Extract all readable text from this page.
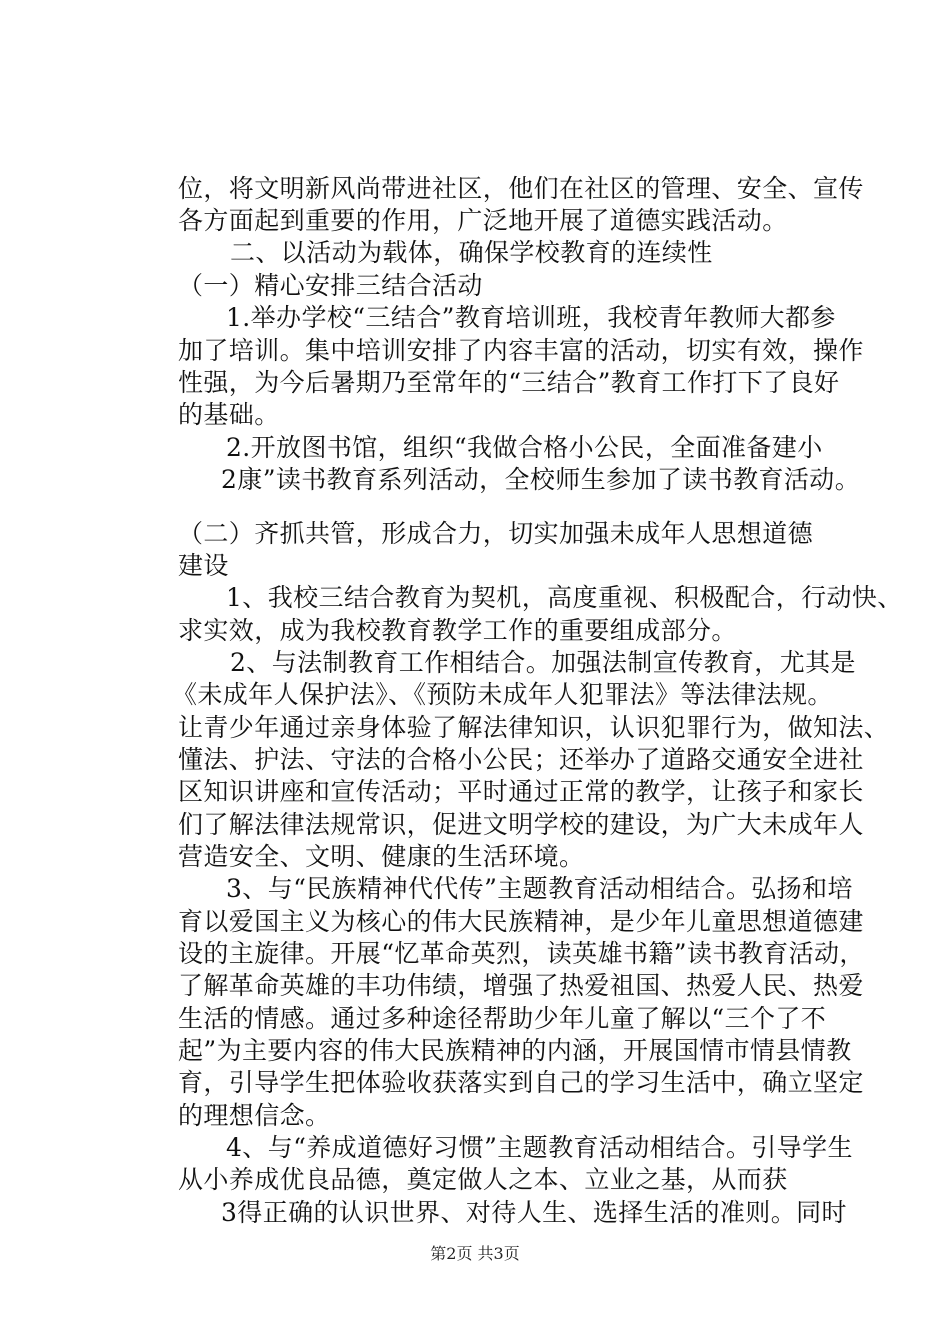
位，将文明新风尚带进社区，他们在社区的管理、安全、宣传
各方面起到重要的作用，广泛地开展了道德实践活动。
二、以活动为载体，确保学校教育的连续性
（一）精心安排三结合活动
1.举办学校“三结合”教育培训班，我校青年教师大都参
加了培训。集中培训安排了内容丰富的活动，切实有效，操作
性强，为今后暑期乃至常年的“三结合”教育工作打下了良好
的基础。
2.开放图书馆，组织“我做合格小公民，全面准备建小
2康”读书教育系列活动，全校师生参加了读书教育活动。
（二）齐抓共管，形成合力，切实加强未成年人思想道德
建设
1、我校三结合教育为契机，高度重视、积极配合，行动快、
求实效，成为我校教育教学工作的重要组成部分。
2、与法制教育工作相结合。加强法制宣传教育，尤其是
《未成年人保护法》、《预防未成年人犯罪法》等法律法规。
让青少年通过亲身体验了解法律知识，认识犯罪行为，做知法、
懂法、护法、守法的合格小公民；还举办了道路交通安全进社
区知识讲座和宣传活动；平时通过正常的教学，让孩子和家长
们了解法律法规常识，促进文明学校的建设，为广大未成年人
营造安全、文明、健康的生活环境。
3、与“民族精神代代传”主题教育活动相结合。弘扬和培
育以爱国主义为核心的伟大民族精神，是少年儿童思想道德建
设的主旋律。开展“忆革命英烈，读英雄书籍”读书教育活动，
了解革命英雄的丰功伟绩，增强了热爱祖国、热爱人民、热爱
生活的情感。通过多种途径帮助少年儿童了解以“三个了不
起”为主要内容的伟大民族精神的内涵，开展国情市情县情教
育，引导学生把体验收获落实到自己的学习生活中，确立坚定
的理想信念。
4、与“养成道德好习惯”主题教育活动相结合。引导学生
从小养成优良品德，奠定做人之本、立业之基，从而获
3得正确的认识世界、对待人生、选择生活的准则。同时
第2页 共3页
